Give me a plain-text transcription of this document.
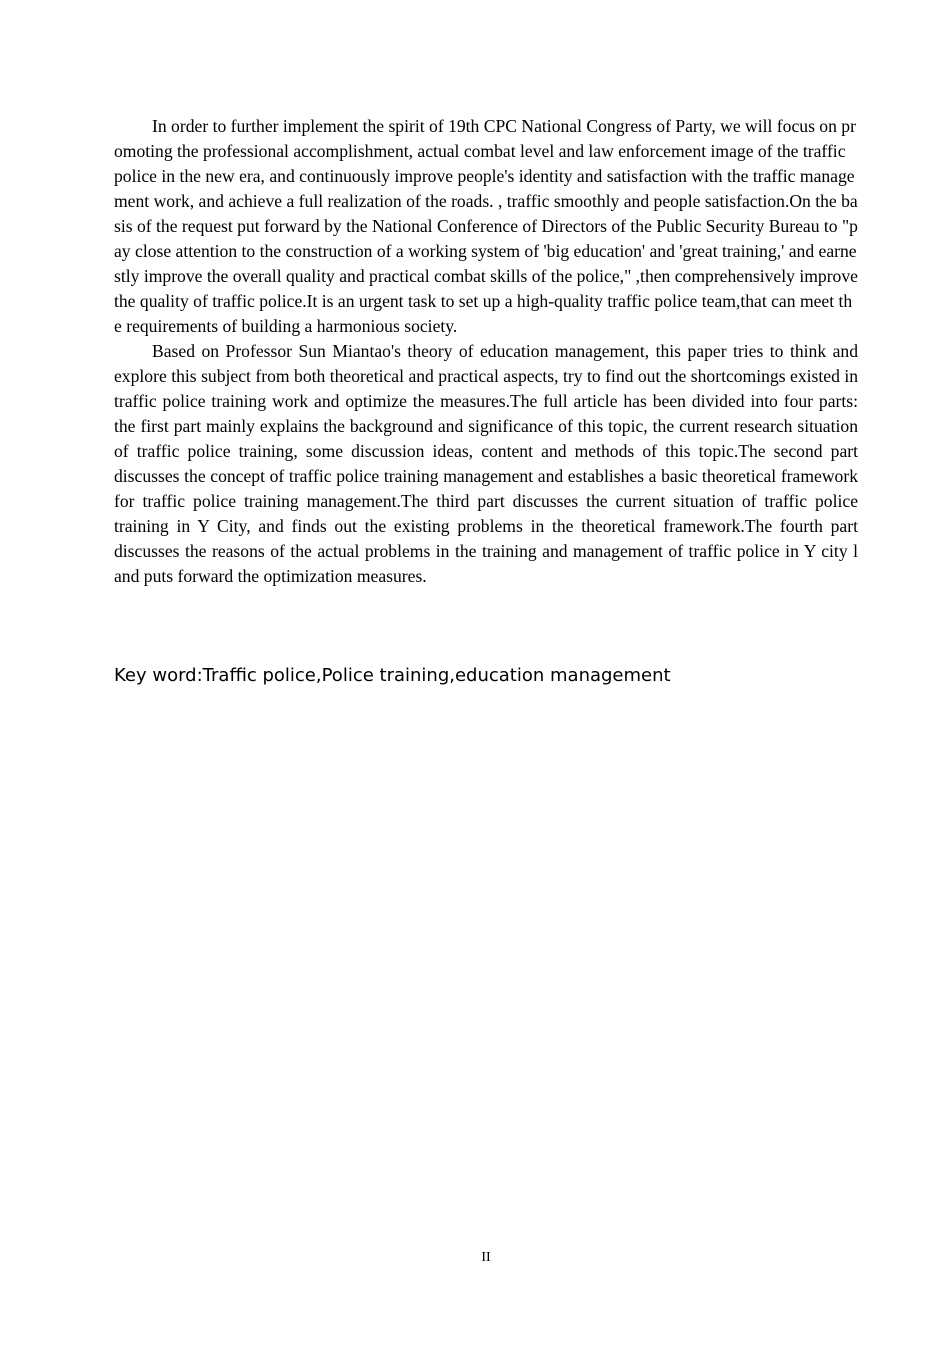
In order to further implement the spirit of 19th CPC National Congress of Party, we will focus on promoting the professional accomplishment, actual combat level and law enforcement image of the traffic police in the new era, and continuously improve people's identity and satisfaction with the traffic management work, and achieve a full realization of the roads. , traffic smoothly and people satisfaction.On the basis of the request put forward by the National Conference of Directors of the Public Security Bureau to "pay close attention to the construction of a working system of 'big education' and 'great training,' and earnestly improve the overall quality and practical combat skills of the police," ,then comprehensively improve the quality of traffic police.It is an urgent task to set up a high-quality traffic police team,that can meet the requirements of building a harmonious society.

Based on Professor Sun Miantao's theory of education management, this paper tries to think and explore this subject from both theoretical and practical aspects, try to find out the shortcomings existed in traffic police training work and optimize the measures.The full article has been divided into four parts: the first part mainly explains the background and significance of this topic, the current research situation of traffic police training, some discussion ideas, content and methods of this topic.The second part discusses the concept of traffic police training management and establishes a basic theoretical framework for traffic police training management.The third part discusses the current situation of traffic police training in Y City, and finds out the existing problems in the theoretical framework.The fourth part discusses the reasons of the actual problems in the training and management of traffic police in Y city l and puts forward the optimization measures.

Key word:Traffic police,Police training,education management
II
